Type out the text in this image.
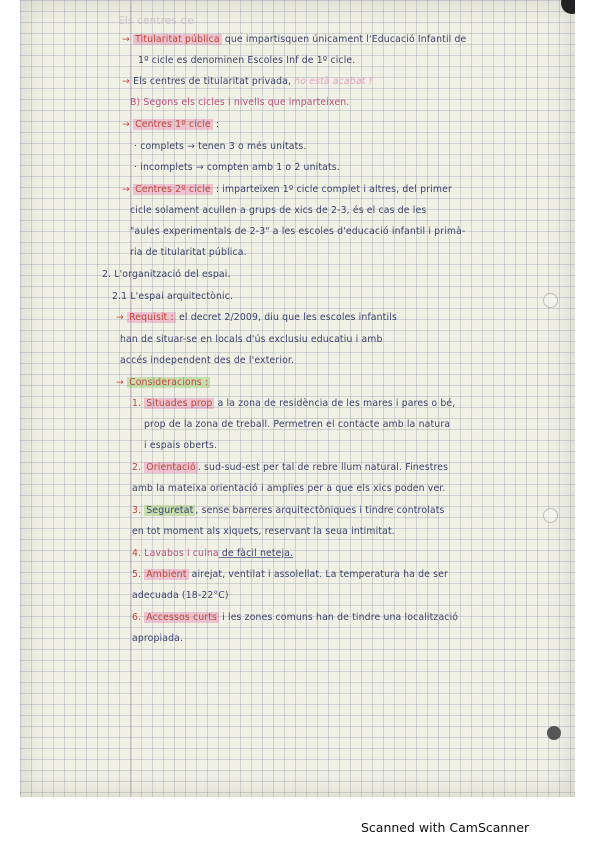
Els centres de
→ Titularitat pública que impartisquen únicament l'Educació Infantil de
1º cicle es denominen Escoles Inf de 1º cicle.
→ Els centres de titularitat privada, no està acabat !
B) Segons els cicles i nivells que imparteixen.
→ Centres 1º cicle :
· complets → tenen 3 o més unitats.
· incomplets → compten amb 1 o 2 unitats.
→ Centres 2º cicle : imparteixen 1º cicle complet i altres, del primer
cicle solament acullen a grups de xics de 2-3, és el cas de les
"aules experimentals de 2-3" a les escoles d'educació infantil i primà-
ria de titularitat pública.
2. L'organització del espai.
2.1 L'espai arquitectònic.
→ Requisit : el decret 2/2009, diu que les escoles infantils
han de situar-se en locals d'ús exclusiu educatiu i amb
accés independent des de l'exterior.
→ Consideracions :
1. Situades prop a la zona de residència de les mares i pares o bé,
prop de la zona de treball. Permetren el contacte amb la natura
i espais oberts.
2. Orientació . sud-sud-est per tal de rebre llum natural. Finestres
amb la mateixa orientació i amplies per a que els xics poden ver.
3. Seguretat , sense barreres arquitectòniques i tindre controlats
en tot moment als xiquets, reservant la seua intimitat.
4. Lavabos i cuina de fàcil neteja.
5. Ambient airejat, ventilat i assolellat. La temperatura ha de ser
adecuada (18-22°C)
6. Accessos curts i les zones comuns han de tindre una localització
apropiada.
Scanned with CamScanner
